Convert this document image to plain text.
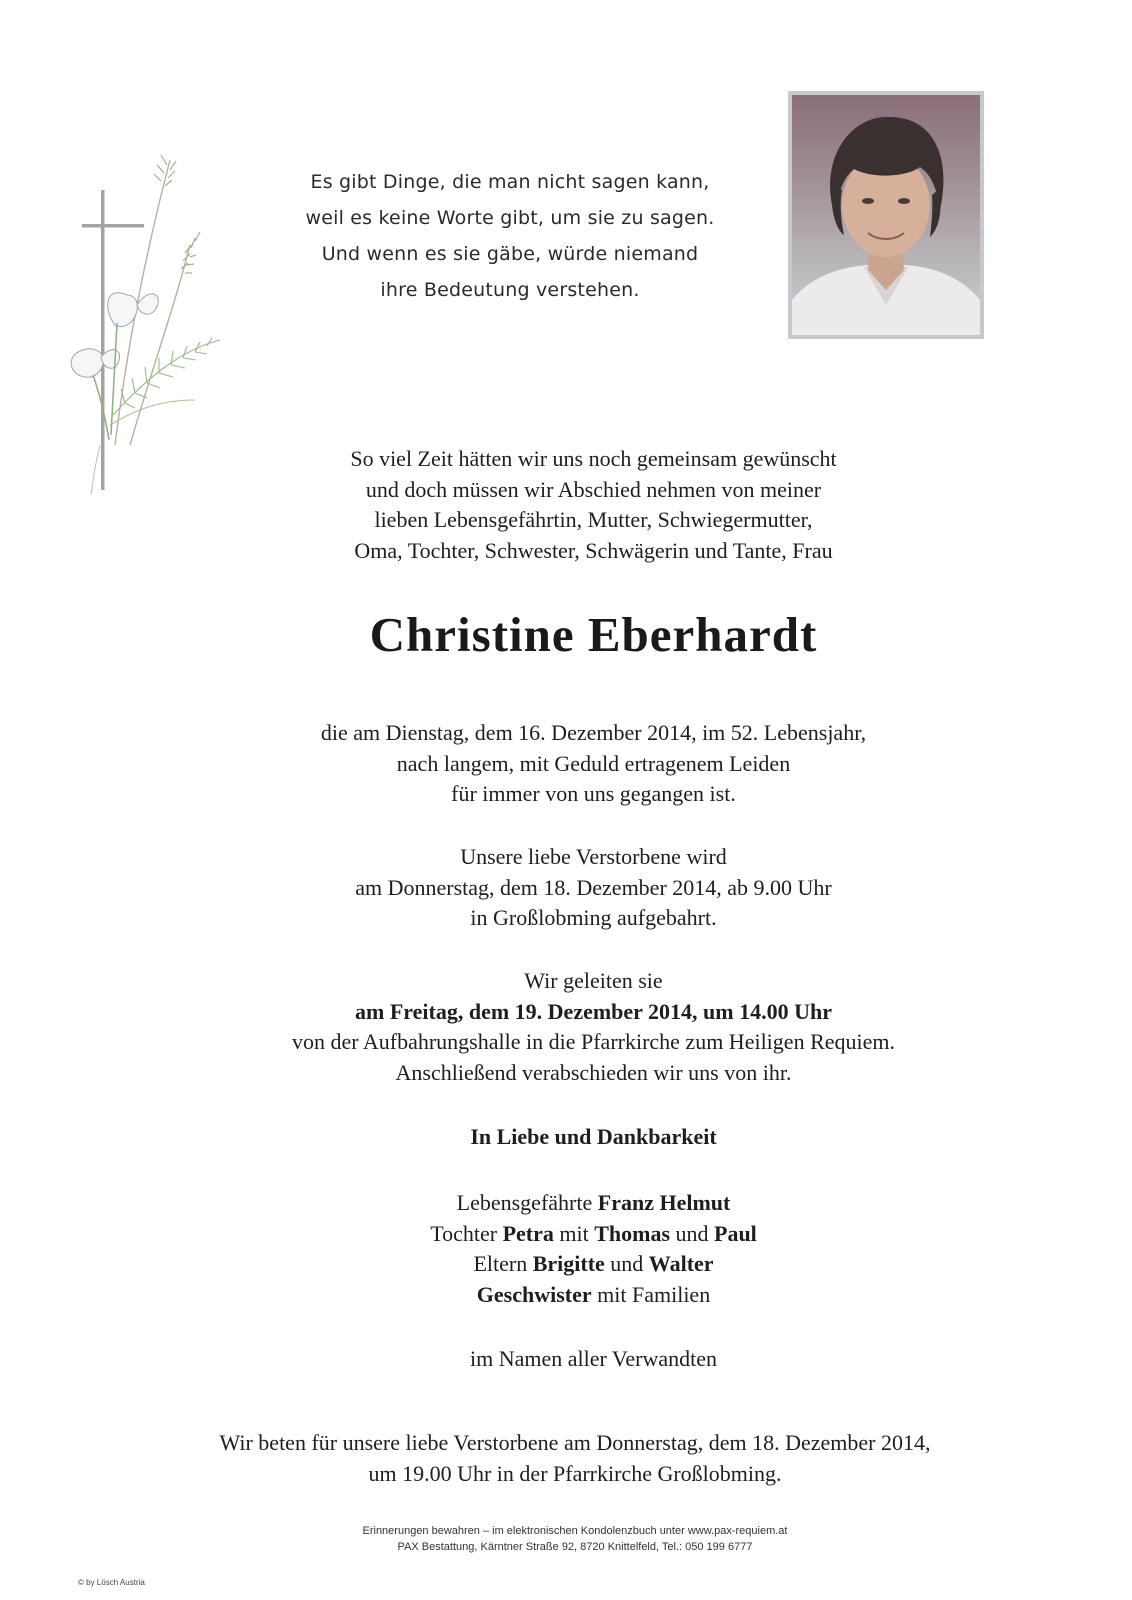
Es gibt Dinge, die man nicht sagen kann,
weil es keine Worte gibt, um sie zu sagen.
Und wenn es sie gäbe, würde niemand
ihre Bedeutung verstehen.
So viel Zeit hätten wir uns noch gemeinsam gewünscht
und doch müssen wir Abschied nehmen von meiner
lieben Lebensgefährtin, Mutter, Schwiegermutter,
Oma, Tochter, Schwester, Schwägerin und Tante, Frau
Christine Eberhardt
die am Dienstag, dem 16. Dezember 2014, im 52. Lebensjahr,
nach langem, mit Geduld ertragenem Leiden
für immer von uns gegangen ist.
Unsere liebe Verstorbene wird
am Donnerstag, dem 18. Dezember 2014, ab 9.00 Uhr
in Großlobming aufgebahrt.
Wir geleiten sie
am Freitag, dem 19. Dezember 2014, um 14.00 Uhr
von der Aufbahrungshalle in die Pfarrkirche zum Heiligen Requiem.
Anschließend verabschieden wir uns von ihr.
In Liebe und Dankbarkeit
Lebensgefährte Franz Helmut
Tochter Petra mit Thomas und Paul
Eltern Brigitte und Walter
Geschwister mit Familien
im Namen aller Verwandten
Wir beten für unsere liebe Verstorbene am Donnerstag, dem 18. Dezember 2014,
um 19.00 Uhr in der Pfarrkirche Großlobming.
Erinnerungen bewahren – im elektronischen Kondolenzbuch unter www.pax-requiem.at
PAX Bestattung, Kärntner Straße 92, 8720 Knittelfeld, Tel.: 050 199 6777
© by Lösch Austria
